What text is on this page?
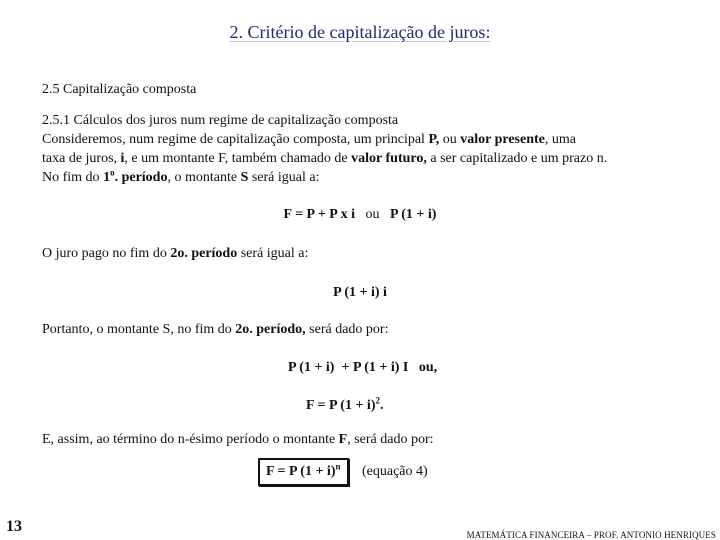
2. Critério de capitalização de juros:
2.5 Capitalização composta
2.5.1 Cálculos dos juros num regime de capitalização composta
Consideremos, num regime de capitalização composta, um principal P, ou valor presente, uma
taxa de juros, i, e um montante F, também chamado de valor futuro, a ser capitalizado e um prazo n.
No fim do 1$^o$. período, o montante S será igual a:
F = P + P x i ou P (1 + i)
O juro pago no fim do 2o. período será igual a:
P (1 + i) i
Portanto, o montante S, no fim do 2o. período, será dado por:
P (1 + i)  + P (1 + i) I   ou,
F = P $(1 + i)^2$.
E, assim, ao término do n-ésimo período o montante F, será dado por:
F = P $(1 + i)^n$ (equação 4)
13	MATEMÁTICA FINANCEIRA – PROF. ANTONIO HENRIQUES
